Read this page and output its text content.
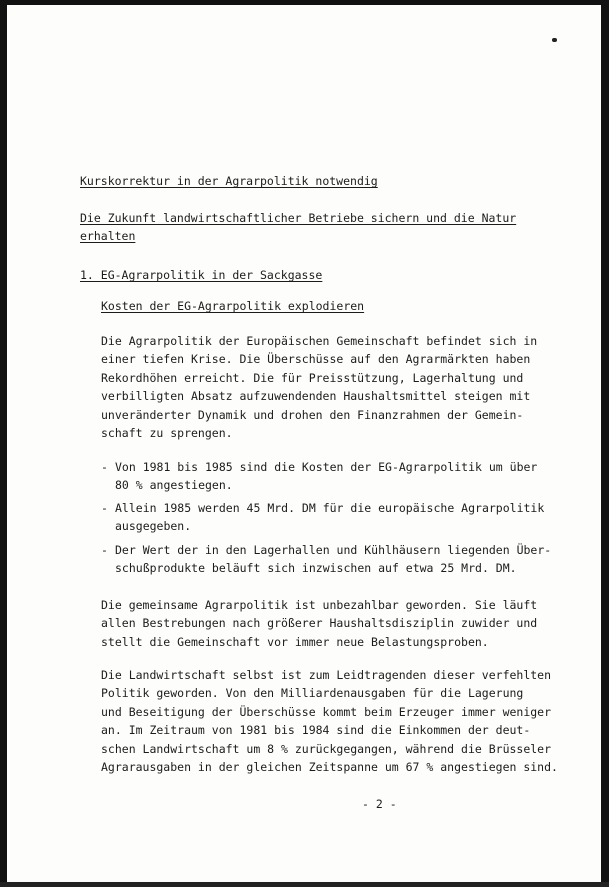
Kurskorrektur in der Agrarpolitik notwendig
Die Zukunft landwirtschaftlicher Betriebe sichern und die Natur
erhalten
1. EG-Agrarpolitik in der Sackgasse
Kosten der EG-Agrarpolitik explodieren
Die Agrarpolitik der Europäischen Gemeinschaft befindet sich in
einer tiefen Krise. Die Überschüsse auf den Agrarmärkten haben
Rekordhöhen erreicht. Die für Preisstützung, Lagerhaltung und
verbilligten Absatz aufzuwendenden Haushaltsmittel steigen mit
unveränderter Dynamik und drohen den Finanzrahmen der Gemein-
schaft zu sprengen.
- Von 1981 bis 1985 sind die Kosten der EG-Agrarpolitik um über
80 % angestiegen.
- Allein 1985 werden 45 Mrd. DM für die europäische Agrarpolitik
ausgegeben.
- Der Wert der in den Lagerhallen und Kühlhäusern liegenden Über-
schußprodukte beläuft sich inzwischen auf etwa 25 Mrd. DM.
Die gemeinsame Agrarpolitik ist unbezahlbar geworden. Sie läuft
allen Bestrebungen nach größerer Haushaltsdisziplin zuwider und
stellt die Gemeinschaft vor immer neue Belastungsproben.
Die Landwirtschaft selbst ist zum Leidtragenden dieser verfehlten
Politik geworden. Von den Milliardenausgaben für die Lagerung
und Beseitigung der Überschüsse kommt beim Erzeuger immer weniger
an. Im Zeitraum von 1981 bis 1984 sind die Einkommen der deut-
schen Landwirtschaft um 8 % zurückgegangen, während die Brüsseler
Agrarausgaben in der gleichen Zeitspanne um 67 % angestiegen sind.
- 2 -
